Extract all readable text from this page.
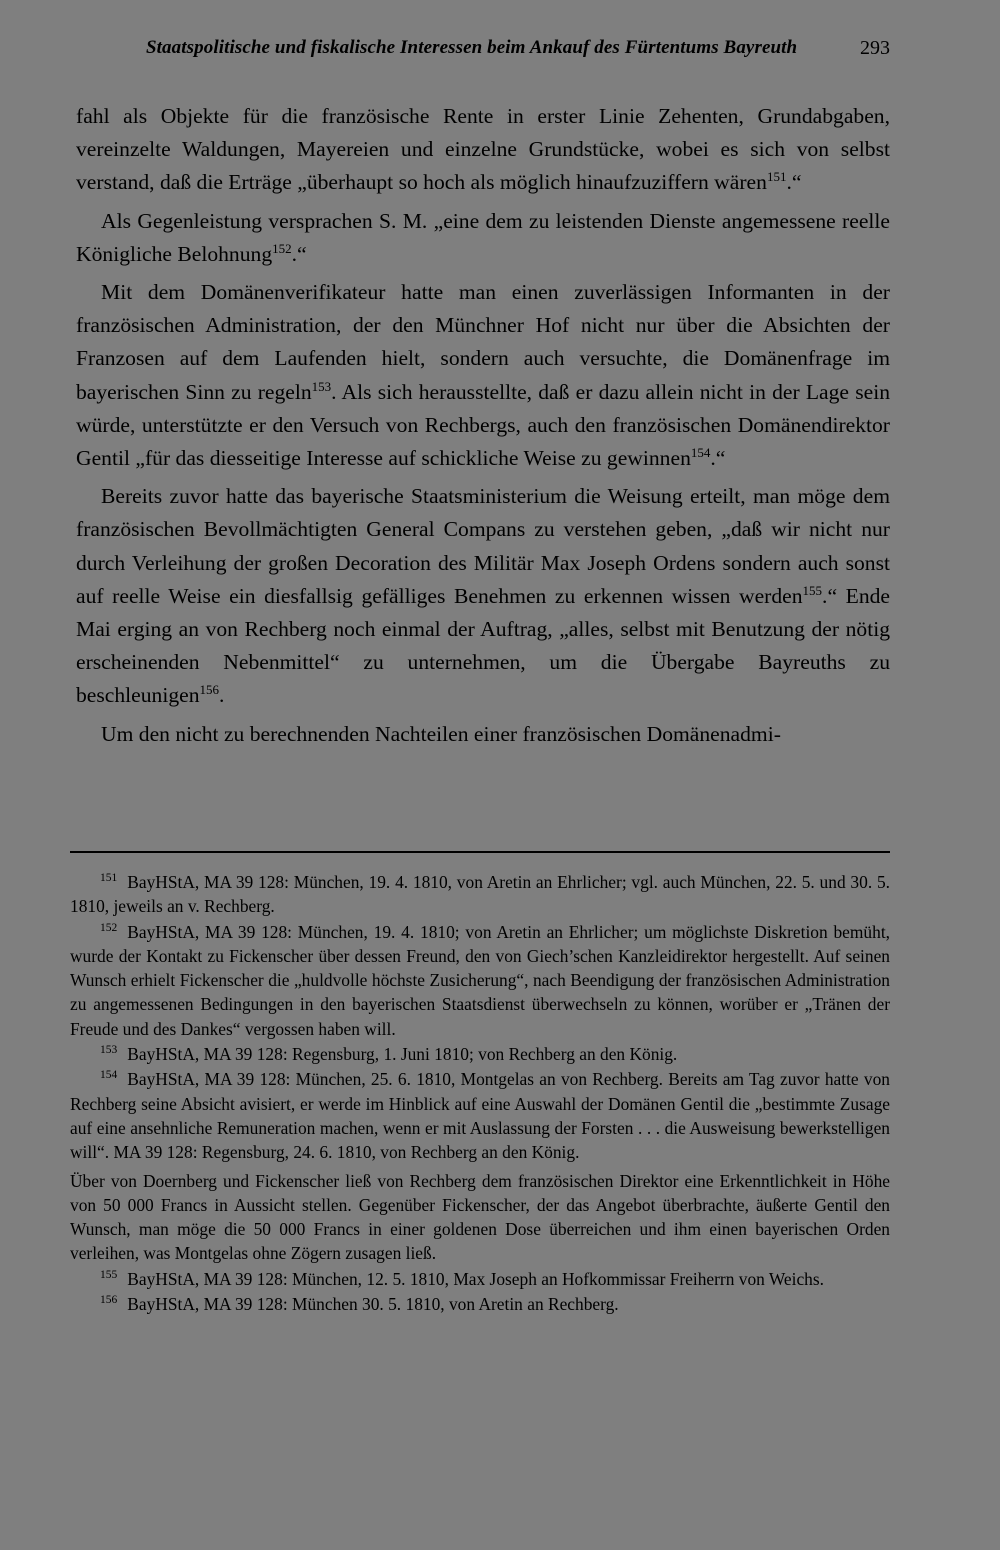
Staatspolitische und fiskalische Interessen beim Ankauf des Fürtentums Bayreuth	293

fahl als Objekte für die französische Rente in erster Linie Zehenten, Grundabgaben, vereinzelte Waldungen, Mayereien und einzelne Grundstücke, wobei es sich von selbst verstand, daß die Erträge „überhaupt so hoch als möglich hinaufzuziffern wären$^{151}$.“

Als Gegenleistung versprachen S. M. „eine dem zu leistenden Dienste angemessene reelle Königliche Belohnung$^{152}$.“

Mit dem Domänenverifikateur hatte man einen zuverlässigen Informanten in der französischen Administration, der den Münchner Hof nicht nur über die Absichten der Franzosen auf dem Laufenden hielt, sondern auch versuchte, die Domänenfrage im bayerischen Sinn zu regeln$^{153}$. Als sich herausstellte, daß er dazu allein nicht in der Lage sein würde, unterstützte er den Versuch von Rechbergs, auch den französischen Domänendirektor Gentil „für das diesseitige Interesse auf schickliche Weise zu gewinnen$^{154}$.“

Bereits zuvor hatte das bayerische Staatsministerium die Weisung erteilt, man möge dem französischen Bevollmächtigten General Compans zu verstehen geben, „daß wir nicht nur durch Verleihung der großen Decoration des Militär Max Joseph Ordens sondern auch sonst auf reelle Weise ein diesfallsig gefälliges Benehmen zu erkennen wissen werden$^{155}$.“ Ende Mai erging an von Rechberg noch einmal der Auftrag, „alles, selbst mit Benutzung der nötig erscheinenden Nebenmittel“ zu unternehmen, um die Übergabe Bayreuths zu beschleunigen$^{156}$.

Um den nicht zu berechnenden Nachteilen einer französischen Domänenadmi-

$^{151}$ BayHStA, MA 39 128: München, 19. 4. 1810, von Aretin an Ehrlicher; vgl. auch München, 22. 5. und 30. 5. 1810, jeweils an v. Rechberg.

$^{152}$ BayHStA, MA 39 128: München, 19. 4. 1810; von Aretin an Ehrlicher; um möglichste Diskretion bemüht, wurde der Kontakt zu Fickenscher über dessen Freund, den von Giech’schen Kanzleidirektor hergestellt. Auf seinen Wunsch erhielt Fickenscher die „huldvolle höchste Zusicherung“, nach Beendigung der französischen Administration zu angemessenen Bedingungen in den bayerischen Staatsdienst überwechseln zu können, worüber er „Tränen der Freude und des Dankes“ vergossen haben will.

$^{153}$ BayHStA, MA 39 128: Regensburg, 1. Juni 1810; von Rechberg an den König.

$^{154}$ BayHStA, MA 39 128: München, 25. 6. 1810, Montgelas an von Rechberg. Bereits am Tag zuvor hatte von Rechberg seine Absicht avisiert, er werde im Hinblick auf eine Auswahl der Domänen Gentil die „bestimmte Zusage auf eine ansehnliche Remuneration machen, wenn er mit Auslassung der Forsten . . . die Ausweisung bewerkstelligen will“. MA 39 128: Regensburg, 24. 6. 1810, von Rechberg an den König.

Über von Doernberg und Fickenscher ließ von Rechberg dem französischen Direktor eine Erkenntlichkeit in Höhe von 50 000 Francs in Aussicht stellen. Gegenüber Fickenscher, der das Angebot überbrachte, äußerte Gentil den Wunsch, man möge die 50 000 Francs in einer goldenen Dose überreichen und ihm einen bayerischen Orden verleihen, was Montgelas ohne Zögern zusagen ließ.

$^{155}$ BayHStA, MA 39 128: München, 12. 5. 1810, Max Joseph an Hofkommissar Freiherrn von Weichs.

$^{156}$ BayHStA, MA 39 128: München 30. 5. 1810, von Aretin an Rechberg.
